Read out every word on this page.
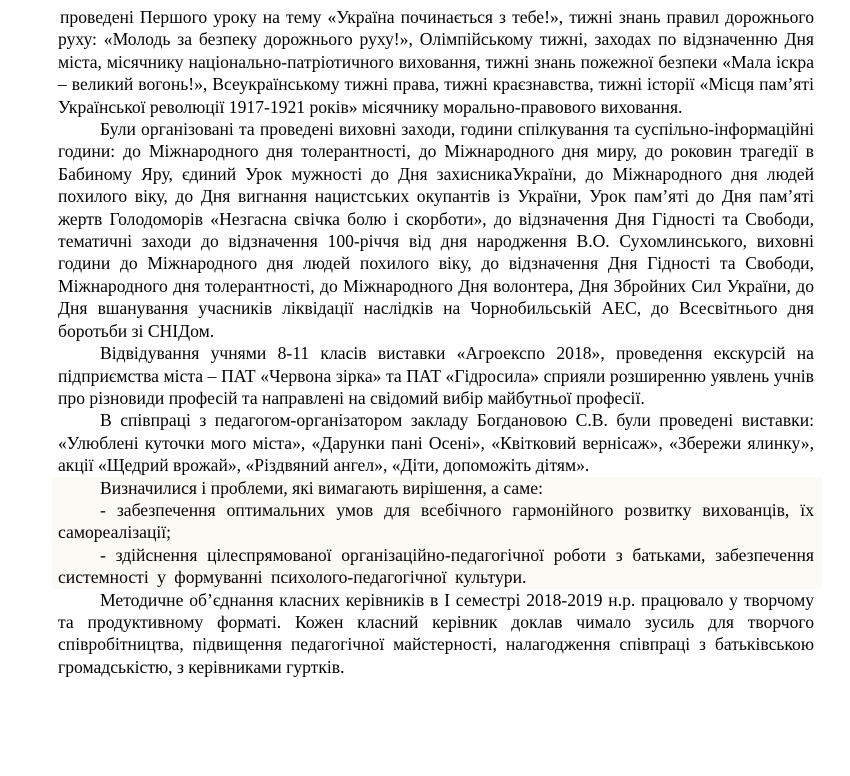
проведені Першого уроку на тему «Україна починається з тебе!», тижні знань правил дорожнього руху: «Молодь за безпеку дорожнього руху!», Олімпійському тижні, заходах по відзначенню Дня міста, місячнику національно-патріотичного виховання, тижні знань пожежної безпеки «Мала іскра – великий вогонь!», Всеукраїнському тижні права, тижні краєзнавства, тижні історії «Місця пам’яті Української революції 1917-1921 років» місячнику морально-правового виховання.

Були організовані та проведені виховні заходи, години спілкування та суспільно-інформаційні години: до Міжнародного дня толерантності, до Міжнародного дня миру, до роковин трагедії в Бабиному Яру, єдиний Урок мужності до Дня захисникаУкраїни, до Міжнародного дня людей похилого віку, до Дня вигнання нацистських окупантів із України, Урок пам’яті до Дня пам’яті жертв Голодоморів «Незгасна свічка болю і скорботи», до відзначення Дня Гідності та Свободи, тематичні заходи до відзначення 100-річчя від дня народження В.О. Сухомлинського, виховні години до Міжнародного дня людей похилого віку, до відзначення Дня Гідності та Свободи, Міжнародного дня толерантності, до Міжнародного Дня волонтера, Дня Збройних Сил України, до Дня вшанування учасників ліквідації наслідків на Чорнобильській АЕС, до Всесвітнього дня боротьби зі СНІДом.

Відвідування учнями 8-11 класів виставки «Агроекспо 2018», проведення екскурсій на підприємства міста – ПАТ «Червона зірка» та ПАТ «Гідросила» сприяли розширенню уявлень учнів про різновиди професій та направлені на свідомий вибір майбутньої професії.

В співпраці з педагогом-організатором закладу Богдановою С.В. були проведені виставки: «Улюблені куточки мого міста», «Дарунки пані Осені», «Квітковий вернісаж», «Збережи ялинку», акції «Щедрий врожай», «Різдвяний ангел», «Діти, допоможіть дітям».

Визначилися і проблеми, які вимагають вирішення, а саме:

- забезпечення оптимальних умов для всебічного гармонійного розвитку вихованців, їх самореалізації;

- здійснення цілеспрямованої організаційно-педагогічної роботи з батьками, забезпечення системності у формуванні психолого-педагогічної культури.

Методичне об’єднання класних керівників в І семестрі 2018-2019 н.р. працювало у творчому та продуктивному форматі. Кожен класний керівник доклав чимало зусиль для творчого співробітництва, підвищення педагогічної майстерності, налагодження співпраці з батьківською громадськістю, з керівниками гуртків.
